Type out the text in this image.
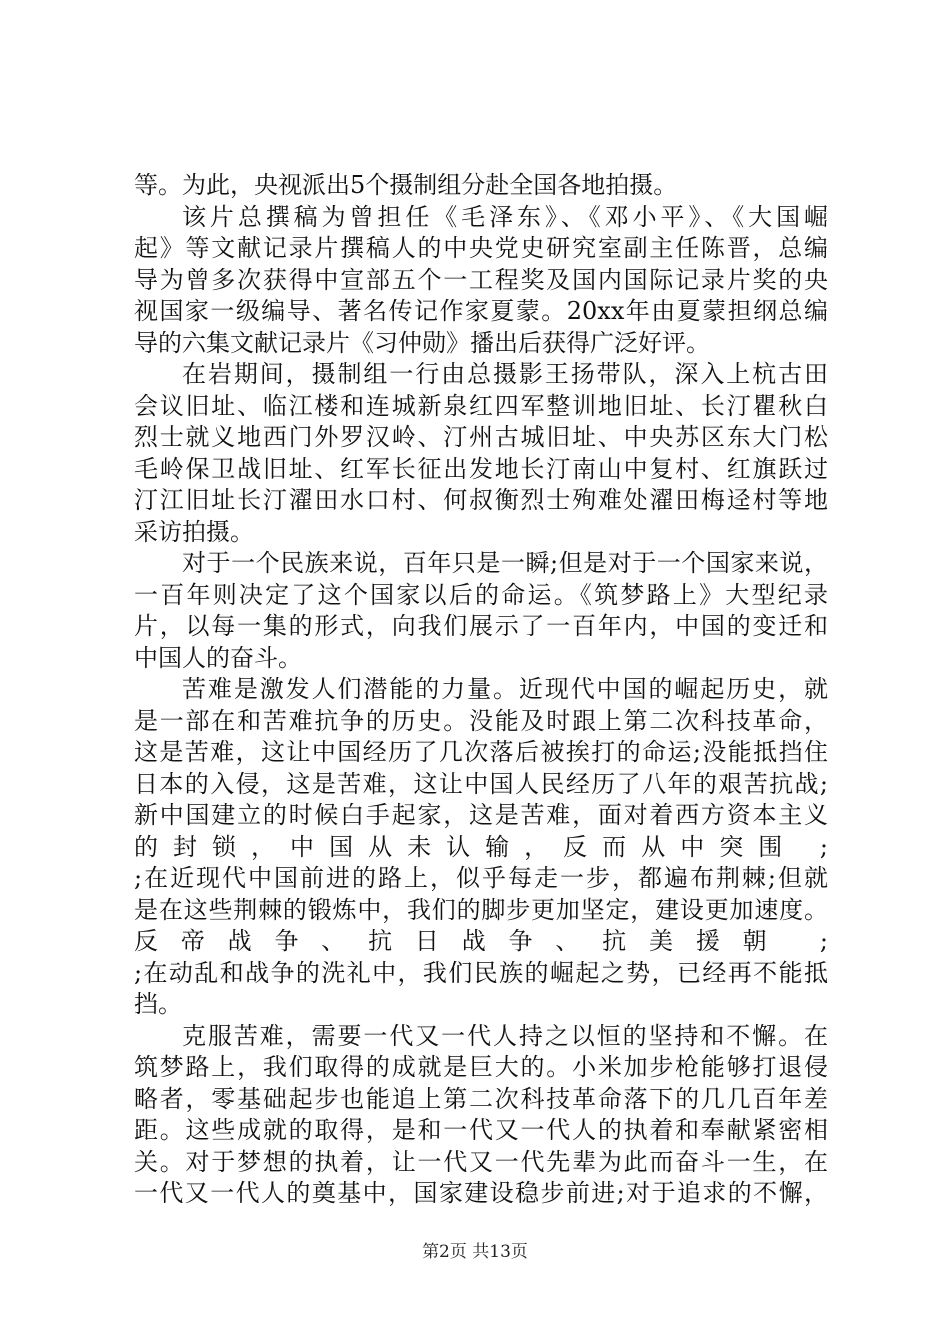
等。为此，央视派出5个摄制组分赴全国各地拍摄。
该片总撰稿为曾担任《毛泽东》、《邓小平》、《大国崛
起》等文献记录片撰稿人的中央党史研究室副主任陈晋，总编
导为曾多次获得中宣部五个一工程奖及国内国际记录片奖的央
视国家一级编导、著名传记作家夏蒙。20xx年由夏蒙担纲总编
导的六集文献记录片《习仲勋》播出后获得广泛好评。
在岩期间，摄制组一行由总摄影王扬带队，深入上杭古田
会议旧址、临江楼和连城新泉红四军整训地旧址、长汀瞿秋白
烈士就义地西门外罗汉岭、汀州古城旧址、中央苏区东大门松
毛岭保卫战旧址、红军长征出发地长汀南山中复村、红旗跃过
汀江旧址长汀濯田水口村、何叔衡烈士殉难处濯田梅迳村等地
采访拍摄。
对于一个民族来说，百年只是一瞬;但是对于一个国家来说，
一百年则决定了这个国家以后的命运。《筑梦路上》大型纪录
片，以每一集的形式，向我们展示了一百年内，中国的变迁和
中国人的奋斗。
苦难是激发人们潜能的力量。近现代中国的崛起历史，就
是一部在和苦难抗争的历史。没能及时跟上第二次科技革命，
这是苦难，这让中国经历了几次落后被挨打的命运;没能抵挡住
日本的入侵，这是苦难，这让中国人民经历了八年的艰苦抗战;
新中国建立的时候白手起家，这是苦难，面对着西方资本主义
的封锁，中国从未认输，反而从中突围 ;
;在近现代中国前进的路上，似乎每走一步，都遍布荆棘;但就
是在这些荆棘的锻炼中，我们的脚步更加坚定，建设更加速度。
反帝战争、抗日战争、抗美援朝 ;
;在动乱和战争的洗礼中，我们民族的崛起之势，已经再不能抵
挡。
克服苦难，需要一代又一代人持之以恒的坚持和不懈。在
筑梦路上，我们取得的成就是巨大的。小米加步枪能够打退侵
略者，零基础起步也能追上第二次科技革命落下的几几百年差
距。这些成就的取得，是和一代又一代人的执着和奉献紧密相
关。对于梦想的执着，让一代又一代先辈为此而奋斗一生，在
一代又一代人的奠基中，国家建设稳步前进;对于追求的不懈，
第2页 共13页
